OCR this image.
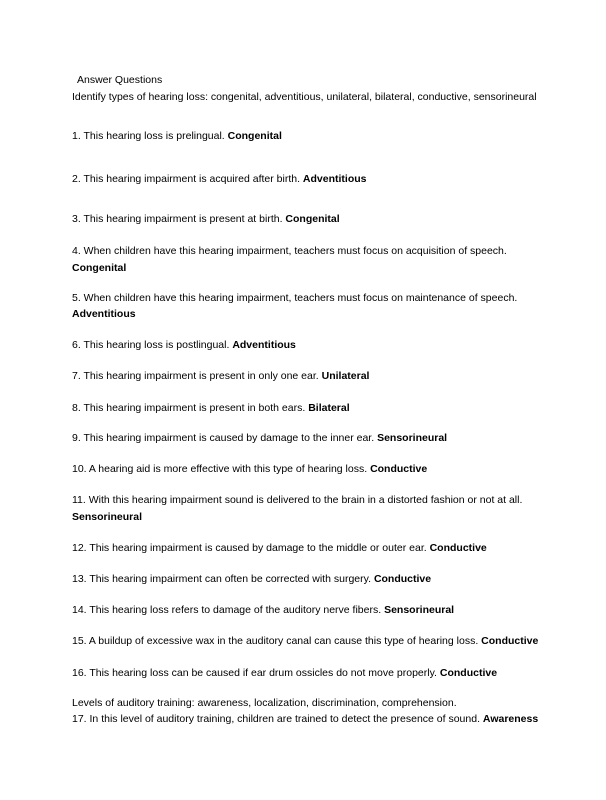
Answer Questions
Identify types of hearing loss: congenital, adventitious, unilateral, bilateral, conductive, sensorineural
1. This hearing loss is prelingual. Congenital
2. This hearing impairment is acquired after birth. Adventitious
3. This hearing impairment is present at birth. Congenital
4. When children have this hearing impairment, teachers must focus on acquisition of speech.
Congenital
5. When children have this hearing impairment, teachers must focus on maintenance of speech.
Adventitious
6. This hearing loss is postlingual. Adventitious
7. This hearing impairment is present in only one ear. Unilateral
8. This hearing impairment is present in both ears. Bilateral
9. This hearing impairment is caused by damage to the inner ear. Sensorineural
10. A hearing aid is more effective with this type of hearing loss. Conductive
11. With this hearing impairment sound is delivered to the brain in a distorted fashion or not at all.
Sensorineural
12. This hearing impairment is caused by damage to the middle or outer ear. Conductive
13. This hearing impairment can often be corrected with surgery. Conductive
14. This hearing loss refers to damage of the auditory nerve fibers. Sensorineural
15. A buildup of excessive wax in the auditory canal can cause this type of hearing loss. Conductive
16. This hearing loss can be caused if ear drum ossicles do not move properly. Conductive
Levels of auditory training: awareness, localization, discrimination, comprehension.
17. In this level of auditory training, children are trained to detect the presence of sound. Awareness
